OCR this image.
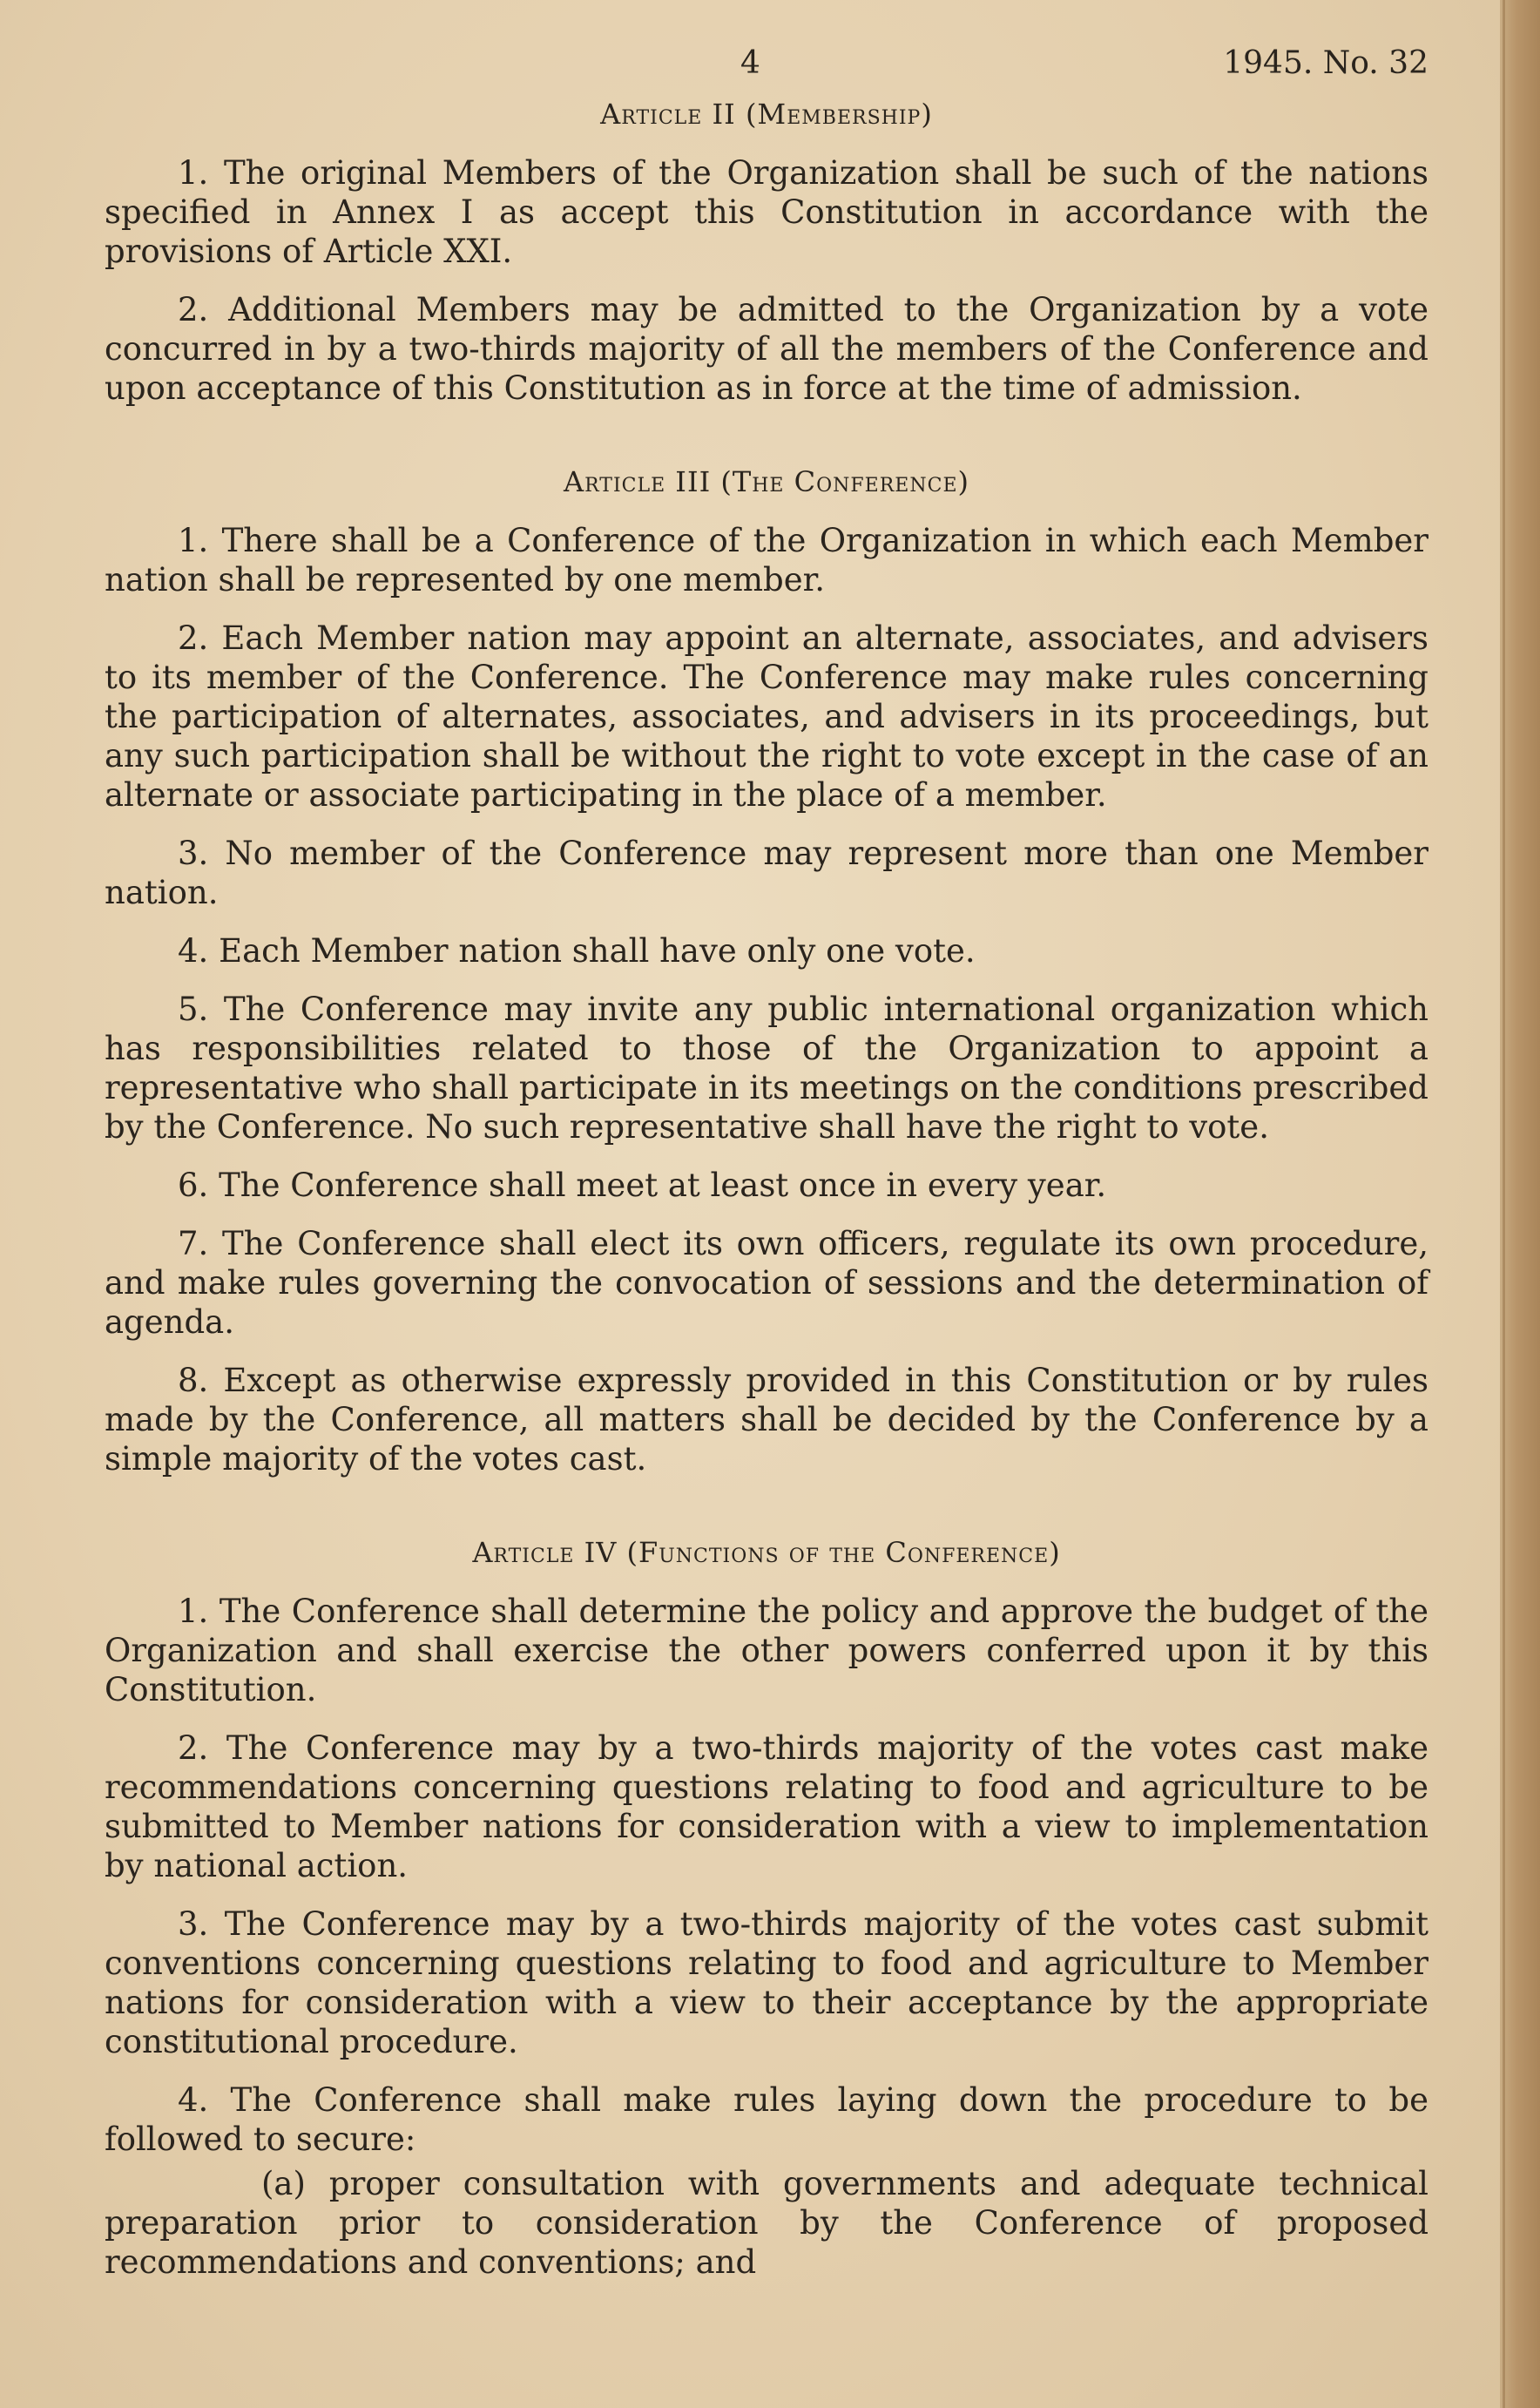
4	1945. No. 32
Article II (Membership)

1. The original Members of the Organization shall be such of the nations specified in Annex I as accept this Constitution in accordance with the provisions of Article XXI.

2. Additional Members may be admitted to the Organization by a vote concurred in by a two-thirds majority of all the members of the Conference and upon acceptance of this Constitution as in force at the time of admission.

Article III (The Conference)

1. There shall be a Conference of the Organization in which each Member nation shall be represented by one member.

2. Each Member nation may appoint an alternate, associates, and advisers to its member of the Conference. The Conference may make rules concerning the participation of alternates, associates, and advisers in its proceedings, but any such participation shall be without the right to vote except in the case of an alternate or associate participating in the place of a member.

3. No member of the Conference may represent more than one Member nation.

4. Each Member nation shall have only one vote.

5. The Conference may invite any public international organization which has responsibilities related to those of the Organization to appoint a representative who shall participate in its meetings on the conditions prescribed by the Conference. No such representative shall have the right to vote.

6. The Conference shall meet at least once in every year.

7. The Conference shall elect its own officers, regulate its own procedure, and make rules governing the convocation of sessions and the determination of agenda.

8. Except as otherwise expressly provided in this Constitution or by rules made by the Conference, all matters shall be decided by the Conference by a simple majority of the votes cast.

Article IV (Functions of the Conference)

1. The Conference shall determine the policy and approve the budget of the Organization and shall exercise the other powers conferred upon it by this Constitution.

2. The Conference may by a two-thirds majority of the votes cast make recommendations concerning questions relating to food and agriculture to be submitted to Member nations for consideration with a view to implementation by national action.

3. The Conference may by a two-thirds majority of the votes cast submit conventions concerning questions relating to food and agriculture to Member nations for consideration with a view to their acceptance by the appropriate constitutional procedure.

4. The Conference shall make rules laying down the procedure to be followed to secure:

(a) proper consultation with governments and adequate technical preparation prior to consideration by the Conference of proposed recommendations and conventions; and
